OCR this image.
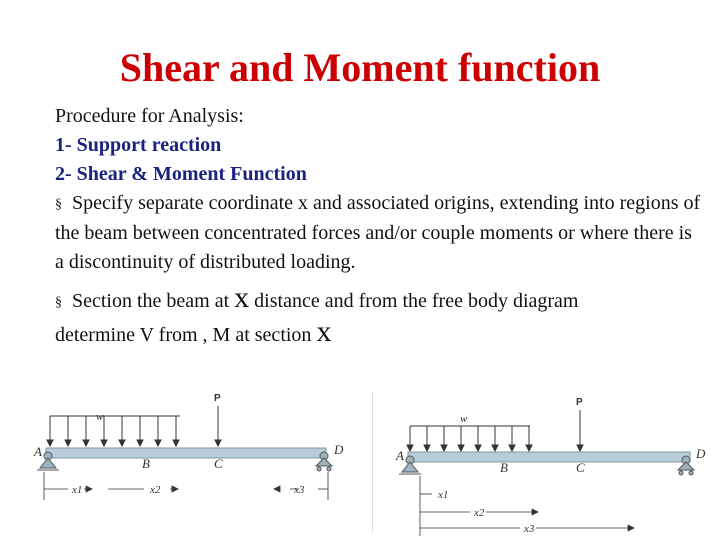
Shear and Moment function
Procedure for Analysis:
1- Support reaction
2- Shear & Moment Function
§ Specify separate coordinate x and associated origins, extending into regions of the beam between concentrated forces and/or couple moments or where there is a discontinuity of distributed loading.
§ Section the beam at x distance and from the free body diagram
determine V from , M at section x
w
P
A
B	C
D
x1	x2	x3
w
P
A
B	C
D
x1
x2
x3
